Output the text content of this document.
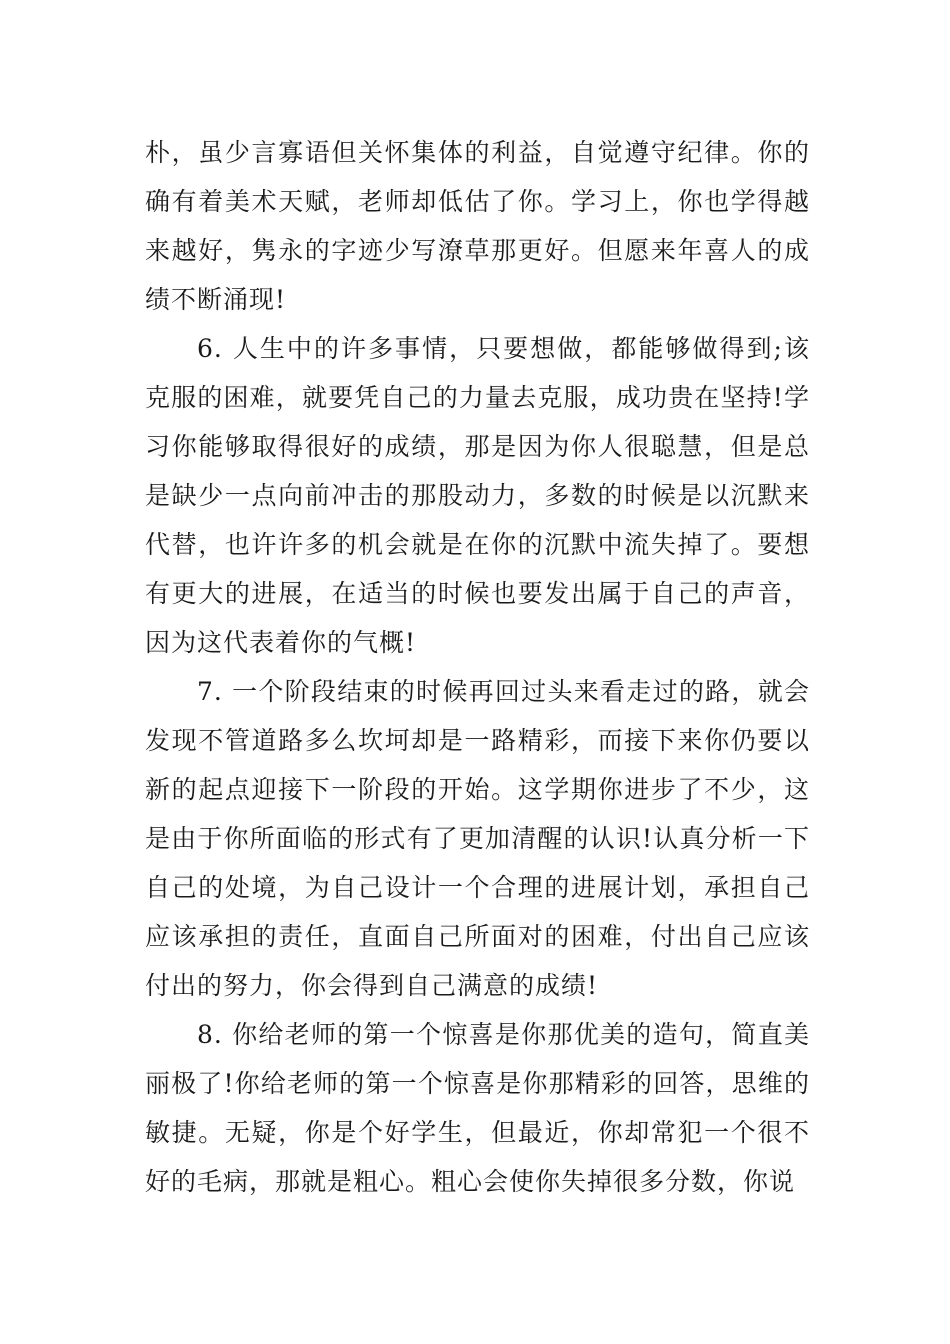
朴，虽少言寡语但关怀集体的利益，自觉遵守纪律。你的确有着美术天赋，老师却低估了你。学习上，你也学得越来越好，隽永的字迹少写潦草那更好。但愿来年喜人的成绩不断涌现!

6. 人生中的许多事情，只要想做，都能够做得到;该克服的困难，就要凭自己的力量去克服，成功贵在坚持!学习你能够取得很好的成绩，那是因为你人很聪慧，但是总是缺少一点向前冲击的那股动力，多数的时候是以沉默来代替，也许许多的机会就是在你的沉默中流失掉了。要想有更大的进展，在适当的时候也要发出属于自己的声音，因为这代表着你的气概!

7. 一个阶段结束的时候再回过头来看走过的路，就会发现不管道路多么坎坷却是一路精彩，而接下来你仍要以新的起点迎接下一阶段的开始。这学期你进步了不少，这是由于你所面临的形式有了更加清醒的认识!认真分析一下自己的处境，为自己设计一个合理的进展计划，承担自己应该承担的责任，直面自己所面对的困难，付出自己应该付出的努力，你会得到自己满意的成绩!

8. 你给老师的第一个惊喜是你那优美的造句，简直美丽极了!你给老师的第一个惊喜是你那精彩的回答，思维的敏捷。无疑，你是个好学生，但最近，你却常犯一个很不好的毛病，那就是粗心。粗心会使你失掉很多分数，你说
